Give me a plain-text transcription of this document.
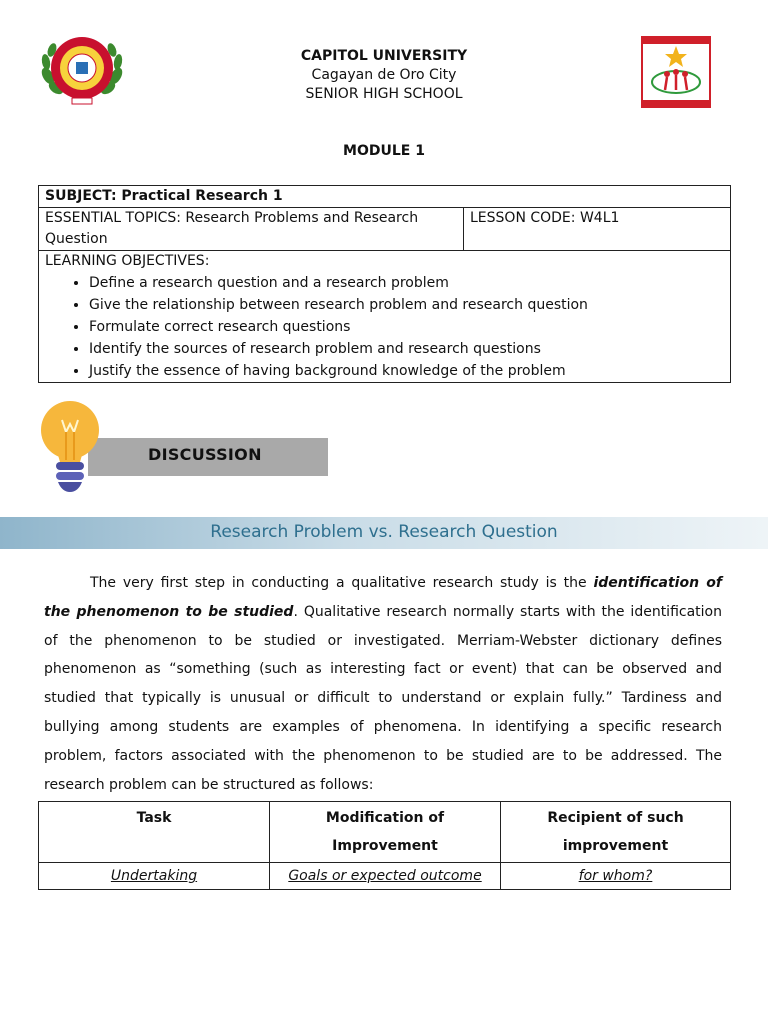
CAPITOL UNIVERSITY
Cagayan de Oro City
SENIOR HIGH SCHOOL
MODULE 1
SUBJECT: Practical Research 1
ESSENTIAL TOPICS: Research Problems and Research Question	LESSON CODE: W4L1

LEARNING OBJECTIVES:
• Define a research question and a research problem
• Give the relationship between research problem and research question
• Formulate correct research questions
• Identify the sources of research problem and research questions
• Justify the essence of having background knowledge of the problem
DISCUSSION
Research Problem vs. Research Question

The very first step in conducting a qualitative research study is the identification of the phenomenon to be studied. Qualitative research normally starts with the identification of the phenomenon to be studied or investigated. Merriam-Webster dictionary defines phenomenon as “something (such as interesting fact or event) that can be observed and studied that typically is unusual or difficult to understand or explain fully.” Tardiness and bullying among students are examples of phenomena. In identifying a specific research problem, factors associated with the phenomenon to be studied are to be addressed. The research problem can be structured as follows:

Task	Modification of Improvement	Recipient of such improvement
Undertaking	Goals or expected outcome	for whom?
